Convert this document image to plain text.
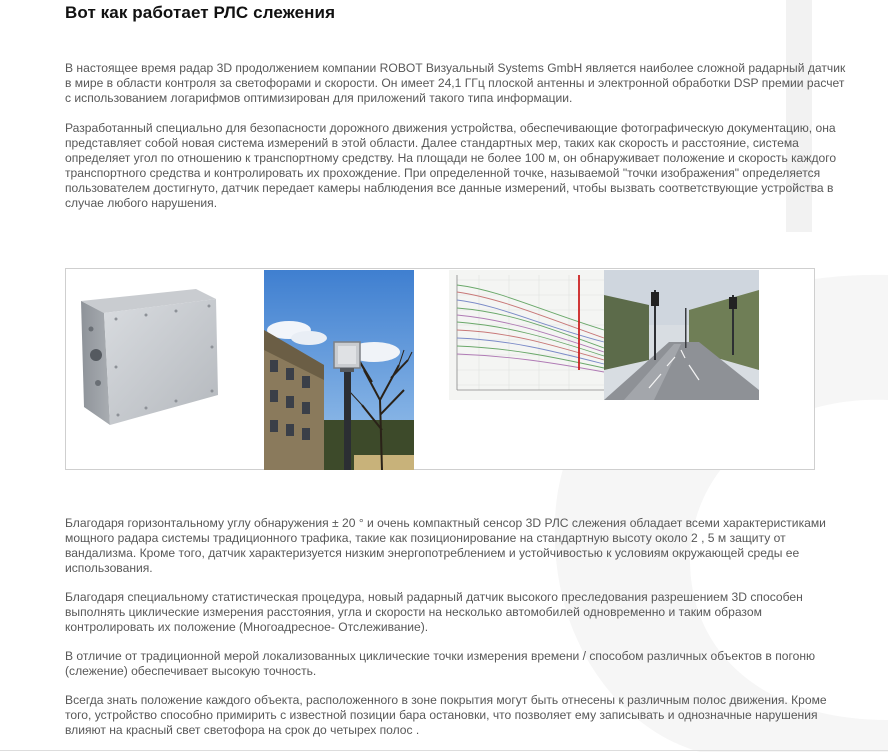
Вот как работает РЛС слежения

В настоящее время радар 3D продолжением компании ROBOT Визуальный Systems GmbH является наиболее сложной радарный датчик в мире в области контроля за светофорами и скорости. Он имеет 24,1 ГГц плоской антенны и электронной обработки DSP премии расчет с использованием логарифмов оптимизирован для приложений такого типа информации.

Разработанный специально для безопасности дорожного движения устройства, обеспечивающие фотографическую документацию, она представляет собой новая система измерений в этой области. Далее стандартных мер, таких как скорость и расстояние, система определяет угол по отношению к транспортному средству. На площади не более 100 м, он обнаруживает положение и скорость каждого транспортного средства и контролировать их прохождение. При определенной точке, называемой "точки изображения" определяется пользователем достигнуто, датчик передает камеры наблюдения все данные измерений, чтобы вызвать соответствующие устройства в случае любого нарушения.

Благодаря горизонтальному углу обнаружения ± 20 ° и очень компактный сенсор 3D РЛС слежения обладает всеми характеристиками мощного радара системы традиционного трафика, такие как позиционирование на стандартную высоту около 2 , 5 м защиту от вандализма. Кроме того, датчик характеризуется низким энергопотреблением и устойчивостью к условиям окружающей среды ее использования.

Благодаря специальному статистическая процедура, новый радарный датчик высокого преследования разрешением 3D способен выполнять циклические измерения расстояния, угла и скорости на несколько автомобилей одновременно и таким образом контролировать их положение (Многоадресное- Отслеживание).

В отличие от традиционной мерой локализованных циклические точки измерения времени / способом различных объектов в погоню (слежение) обеспечивает высокую точность.

Всегда знать положение каждого объекта, расположенного в зоне покрытия могут быть отнесены к различным полос движения. Кроме того, устройство способно примирить с известной позиции бара остановки, что позволяет ему записывать и однозначные нарушения влияют на красный свет светофора на срок до четырех полос .
